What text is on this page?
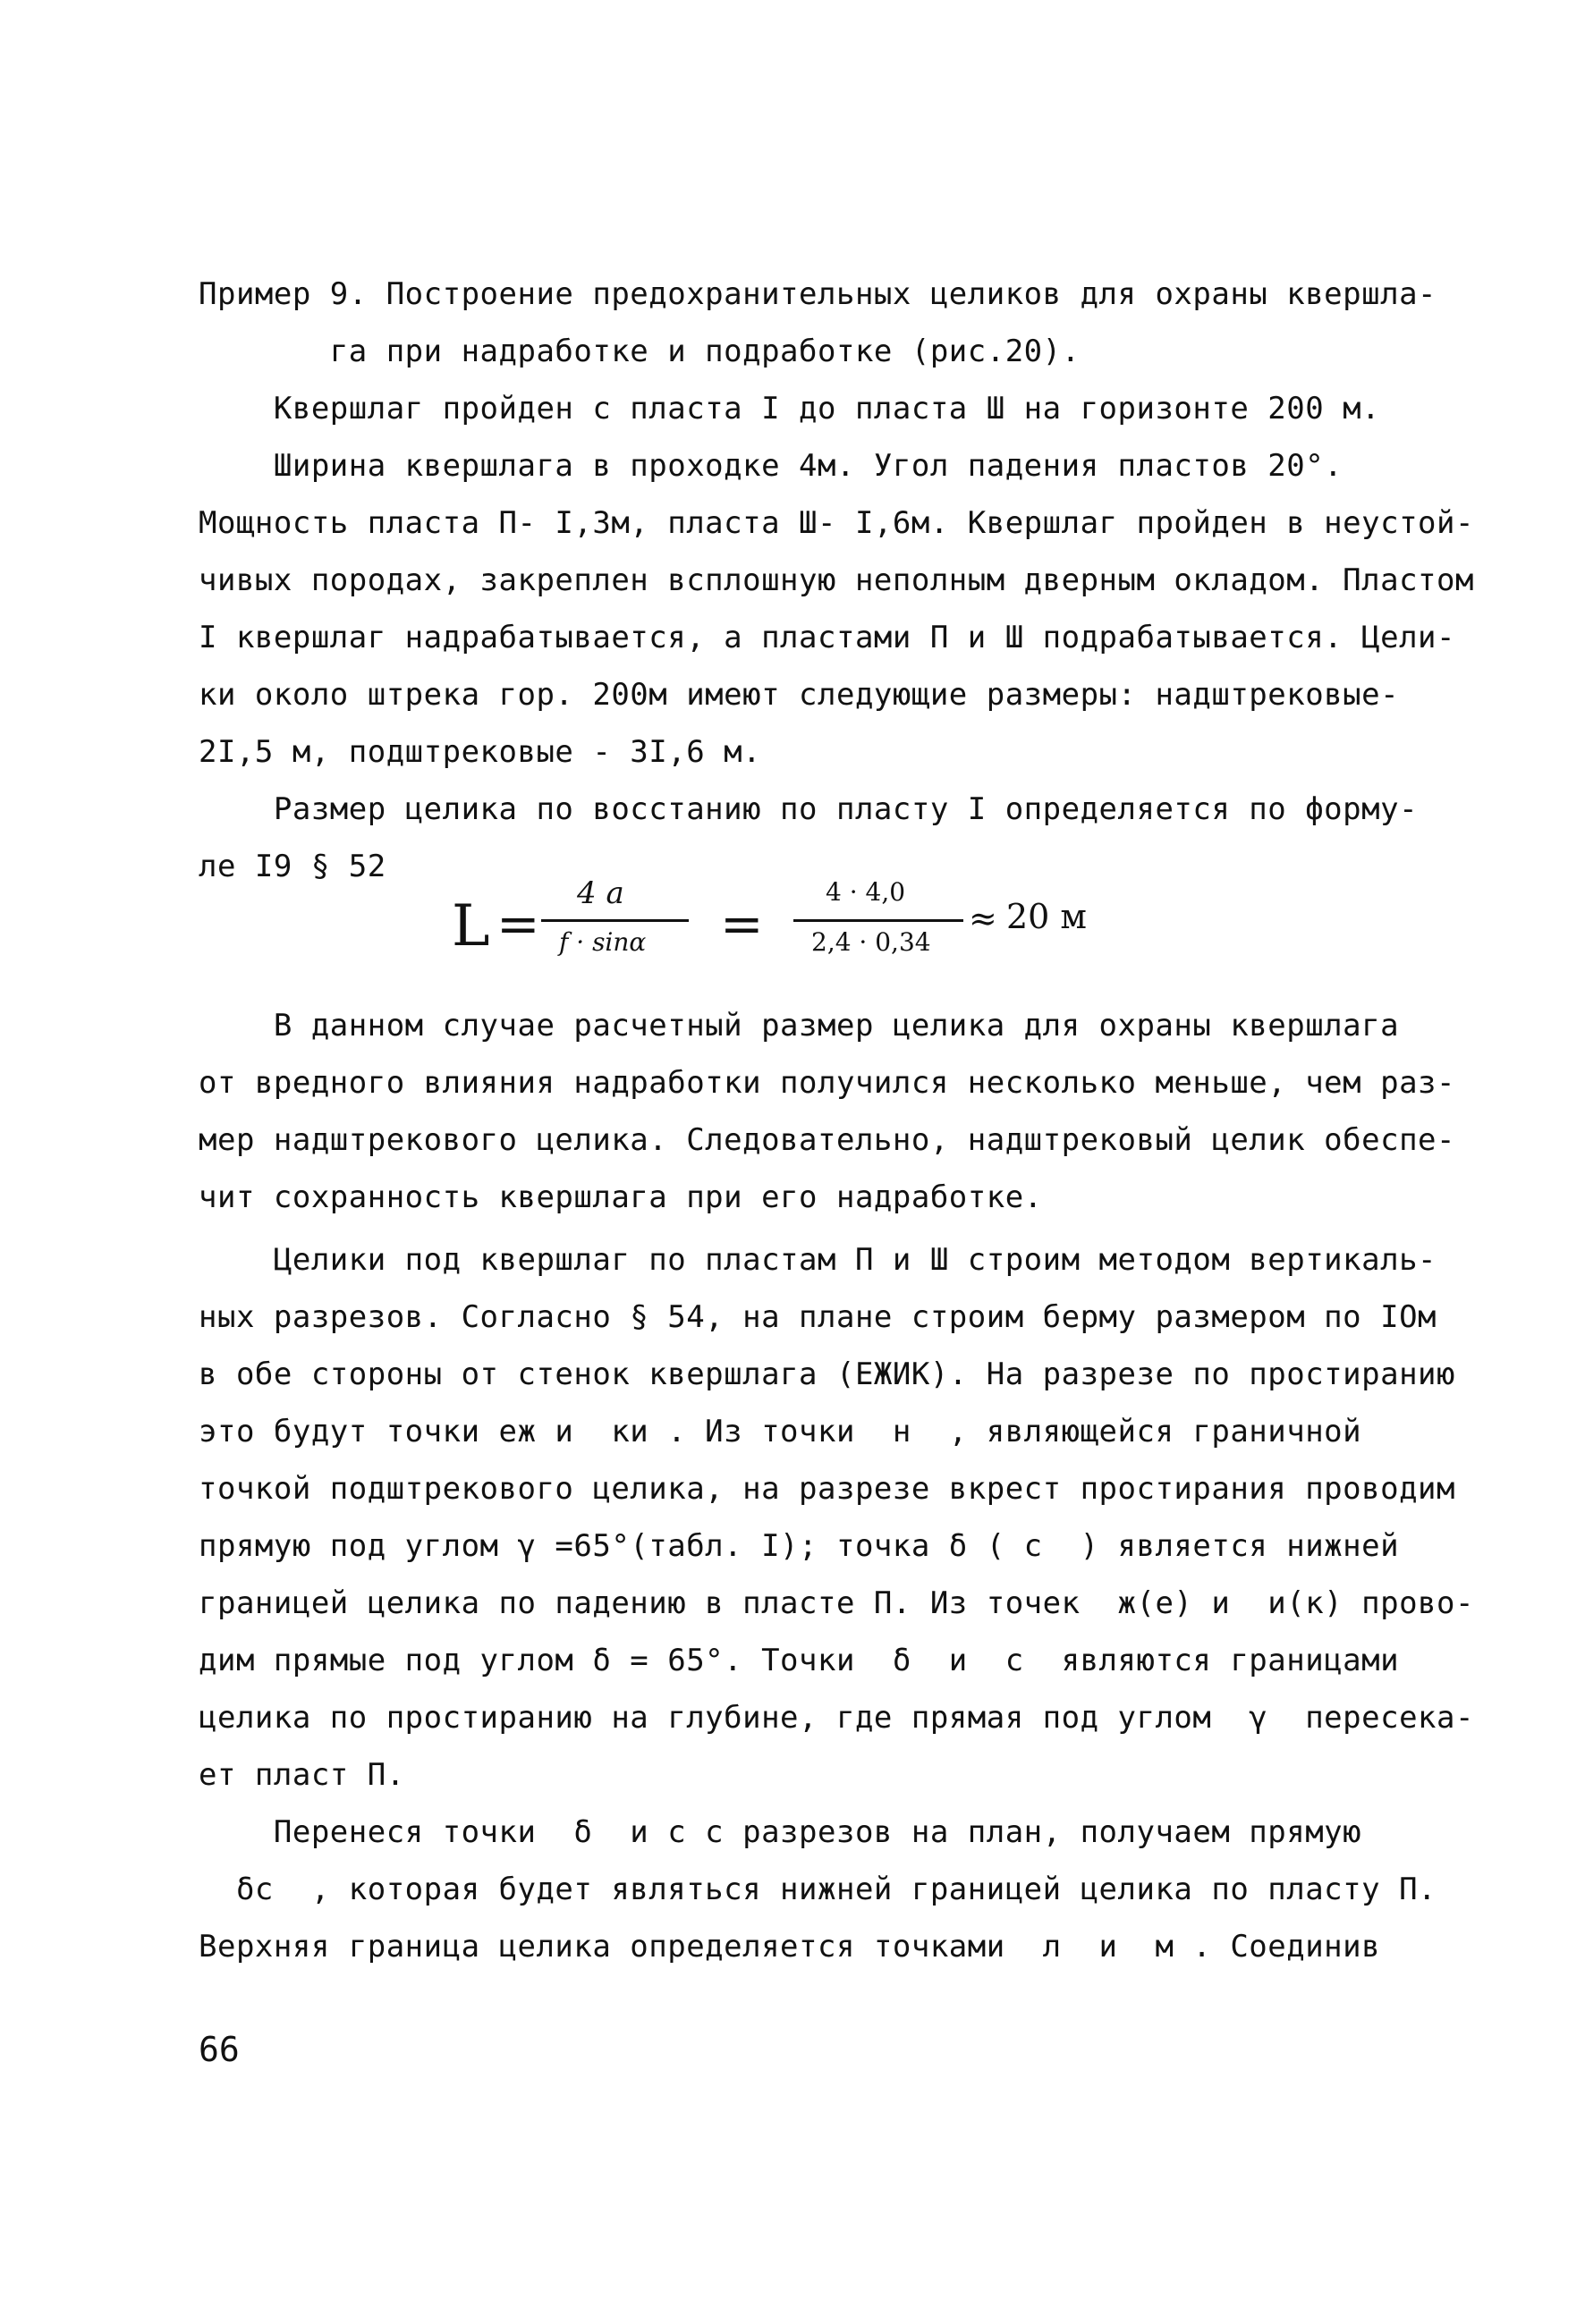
Пример 9. Построение предохранительных целиков для охраны квершла-
га при надработке и подработке (рис.20).
Квершлаг пройден с пласта I до пласта Ш на горизонте 200 м.
Ширина квершлага в проходке 4м. Угол падения пластов 20°.
Мощность пласта П- I,3м, пласта Ш- I,6м. Квершлаг пройден в неустой-
чивых породах, закреплен всплошную неполным дверным окладом. Пластом
I квершлаг надрабатывается, а пластами П и Ш подрабатывается. Цели-
ки около штрека гор. 200м имеют следующие размеры: надштрековые-
2I,5 м, подштрековые - 3I,6 м.
Размер целика по восстанию по пласту I определяется по форму-
ле I9 § 52
L = 4 a
f · sinα =
4 · 4,0
2,4 · 0,34
≈ 20 м
В данном случае расчетный размер целика для охраны квершлага
от вредного влияния надработки получился несколько меньше, чем раз-
мер надштрекового целика. Следовательно, надштрековый целик обеспе-
чит сохранность квершлага при его надработке.
Целики под квершлаг по пластам П и Ш строим методом вертикаль-
ных разрезов. Согласно § 54, на плане строим берму размером по IОм
в обе стороны от стенок квершлага (ЕЖИК). На разрезе по простиранию
это будут точки еж и  ки . Из точки  н  , являющейся граничной
точкой подштрекового целика, на разрезе вкрест простирания проводим
прямую под углом γ =65°(табл. I); точка δ ( с  ) является нижней
границей целика по падению в пласте П. Из точек  ж(е) и  и(к) прово-
дим прямые под углом δ = 65°. Точки  δ  и  с  являются границами
целика по простиранию на глубине, где прямая под углом  γ  пересека-
ет пласт П.
Перенеся точки  δ  и с с разрезов на план, получаем прямую
δс  , которая будет являться нижней границей целика по пласту П.
Верхняя граница целика определяется точками  л  и  м . Соединив
66
